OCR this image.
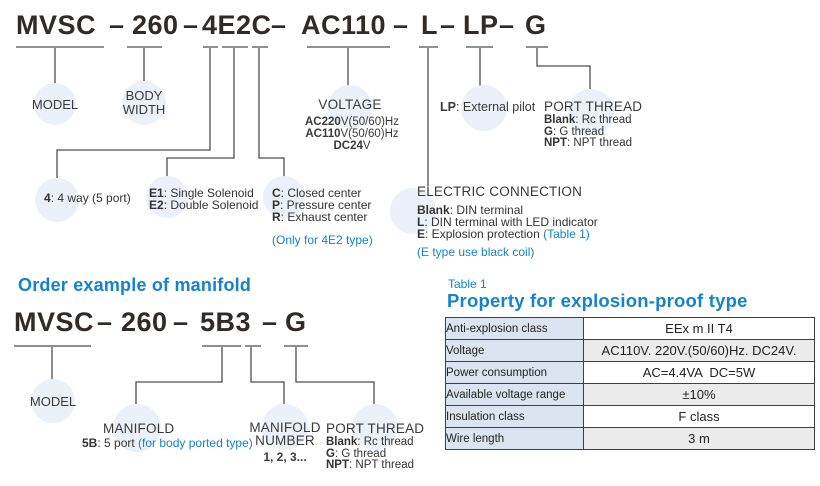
MVSC – 260 – 4E2C – AC110 – L – LP – G
MODEL
BODY
WIDTH
4: 4 way (5 port) E1: Single Solenoid
E2: Double Solenoid
C: Closed center
P: Pressure center
R: Exhaust center
(Only for 4E2 type)
VOLTAGE
AC220V(50/60)Hz
AC110V(50/60)Hz
DC24V
ELECTRIC CONNECTION
Blank: DIN terminal
L: DIN terminal with LED indicator
E: Explosion protection (Table 1)
(E type use black coil)
LP: External pilot PORT THREAD
Blank: Rc thread
G: G thread
NPT: NPT thread
Order example of manifold
MVSC – 260 – 5B3 – G
MODEL
MANIFOLD
5B: 5 port (for body ported type)
MANIFOLD
NUMBER
1, 2, 3...
PORT THREAD
Blank: Rc thread
G: G thread
NPT: NPT thread
Table 1
Property for explosion-proof type
Anti-explosion class	EEx m II T4
Voltage	AC110V. 220V.(50/60)Hz. DC24V.
Power consumption	AC=4.4VA  DC=5W
Available voltage range	±10%
Insulation class	F class
Wire length	3 m
